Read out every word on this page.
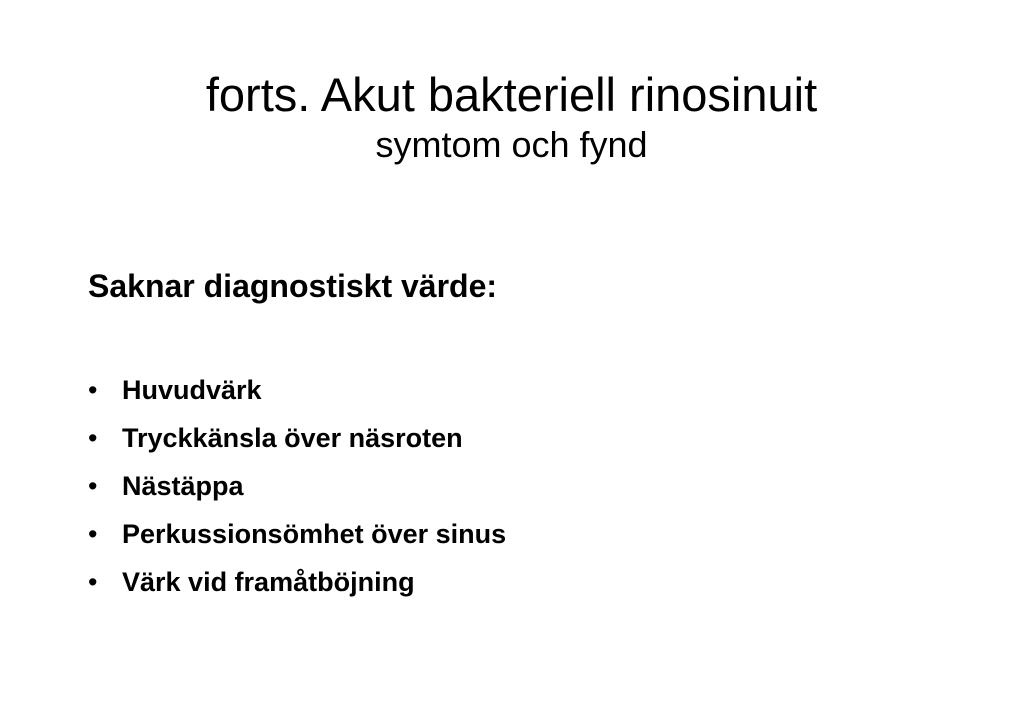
forts. Akut bakteriell rinosinuit
symtom och fynd
Saknar diagnostiskt värde:
• Huvudvärk
• Tryckkänsla över näsroten
• Nästäppa
• Perkussionsömhet över sinus
• Värk vid framåtböjning
